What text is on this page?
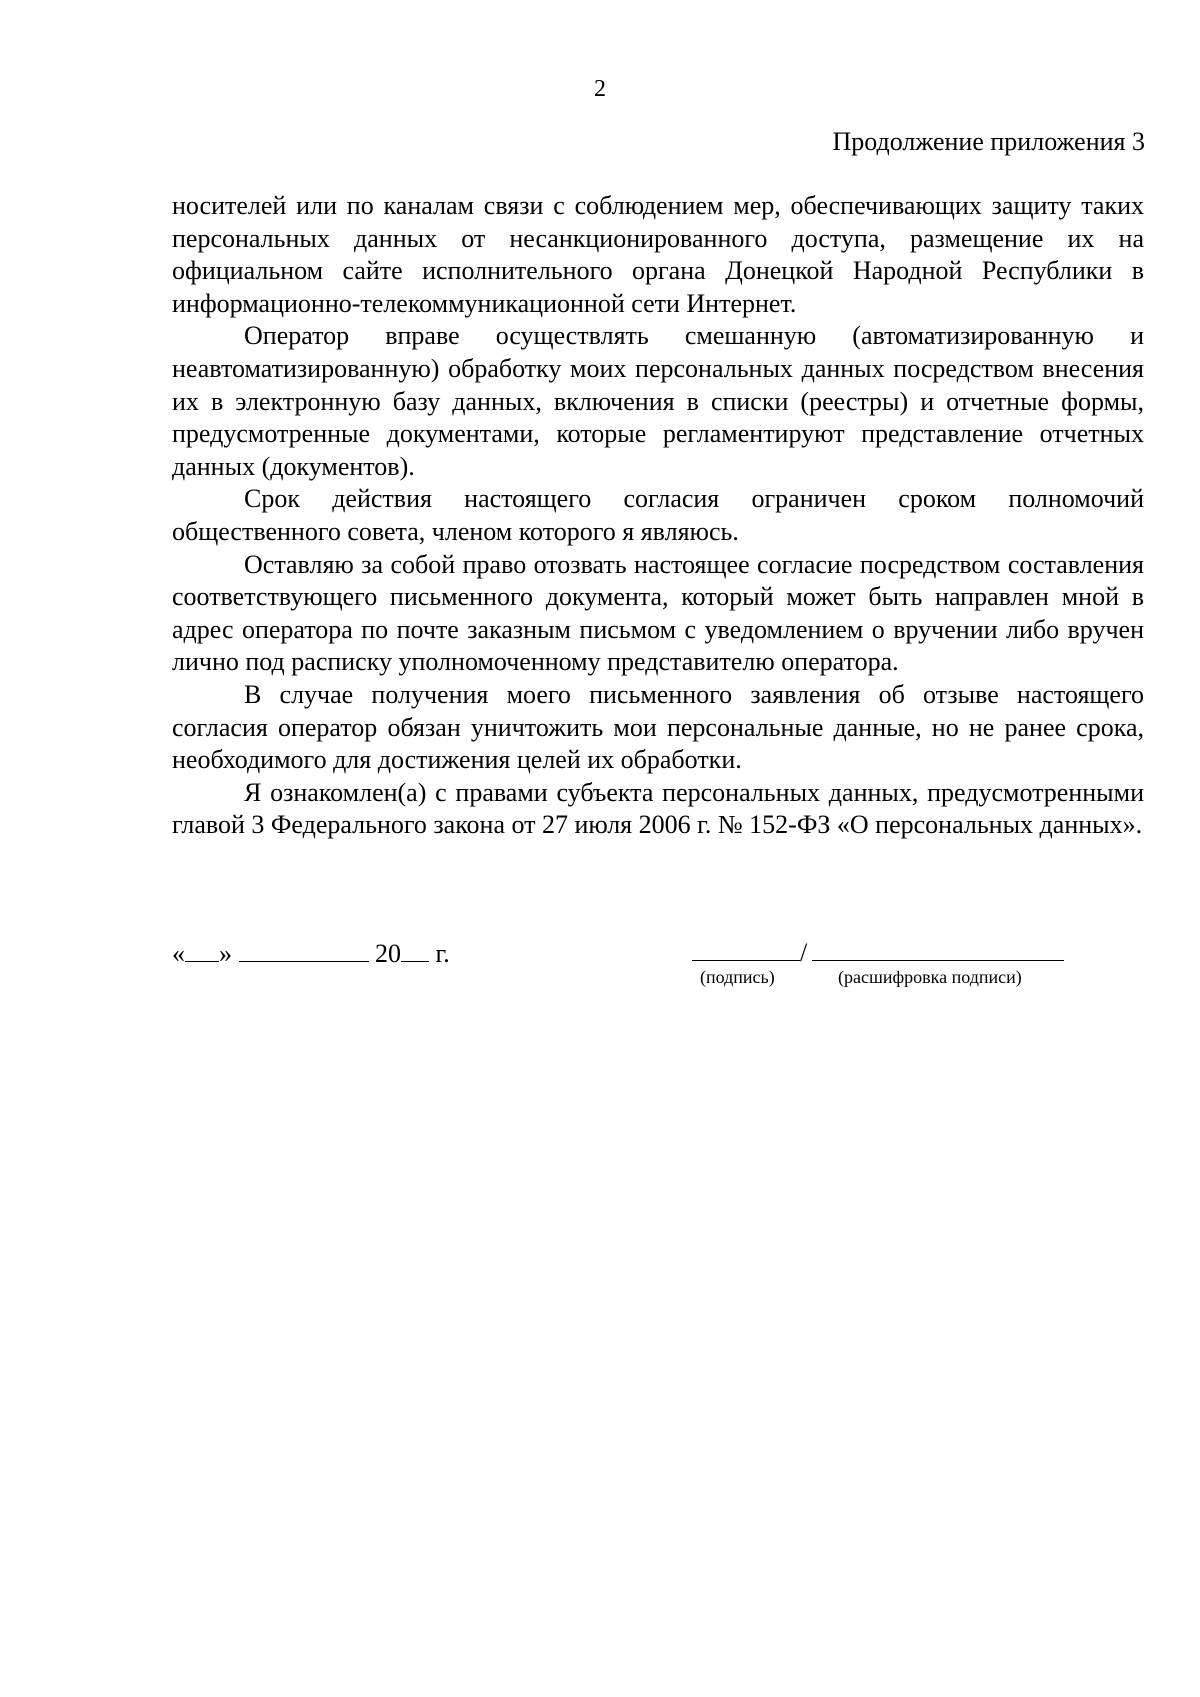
2
Продолжение приложения 3

носителей или по каналам связи с соблюдением мер, обеспечивающих защиту таких персональных данных от несанкционированного доступа, размещение их на официальном сайте исполнительного органа Донецкой Народной Республики в информационно-телекоммуникационной сети Интернет.

Оператор вправе осуществлять смешанную (автоматизированную и неавтоматизированную) обработку моих персональных данных посредством внесения их в электронную базу данных, включения в списки (реестры) и отчетные формы, предусмотренные документами, которые регламентируют представление отчетных данных (документов).

Срок действия настоящего согласия ограничен сроком полномочий общественного совета, членом которого я являюсь.

Оставляю за собой право отозвать настоящее согласие посредством составления соответствующего письменного документа, который может быть направлен мной в адрес оператора по почте заказным письмом с уведомлением о вручении либо вручен лично под расписку уполномоченному представителю оператора.

В случае получения моего письменного заявления об отзыве настоящего согласия оператор обязан уничтожить мои персональные данные, но не ранее срока, необходимого для достижения целей их обработки.

Я ознакомлен(а) с правами субъекта персональных данных, предусмотренными главой 3 Федерального закона от 27 июля 2006 г. № 152-ФЗ «О персональных данных».

« »	20 г.	/
(подпись)	(расшифровка подписи)
